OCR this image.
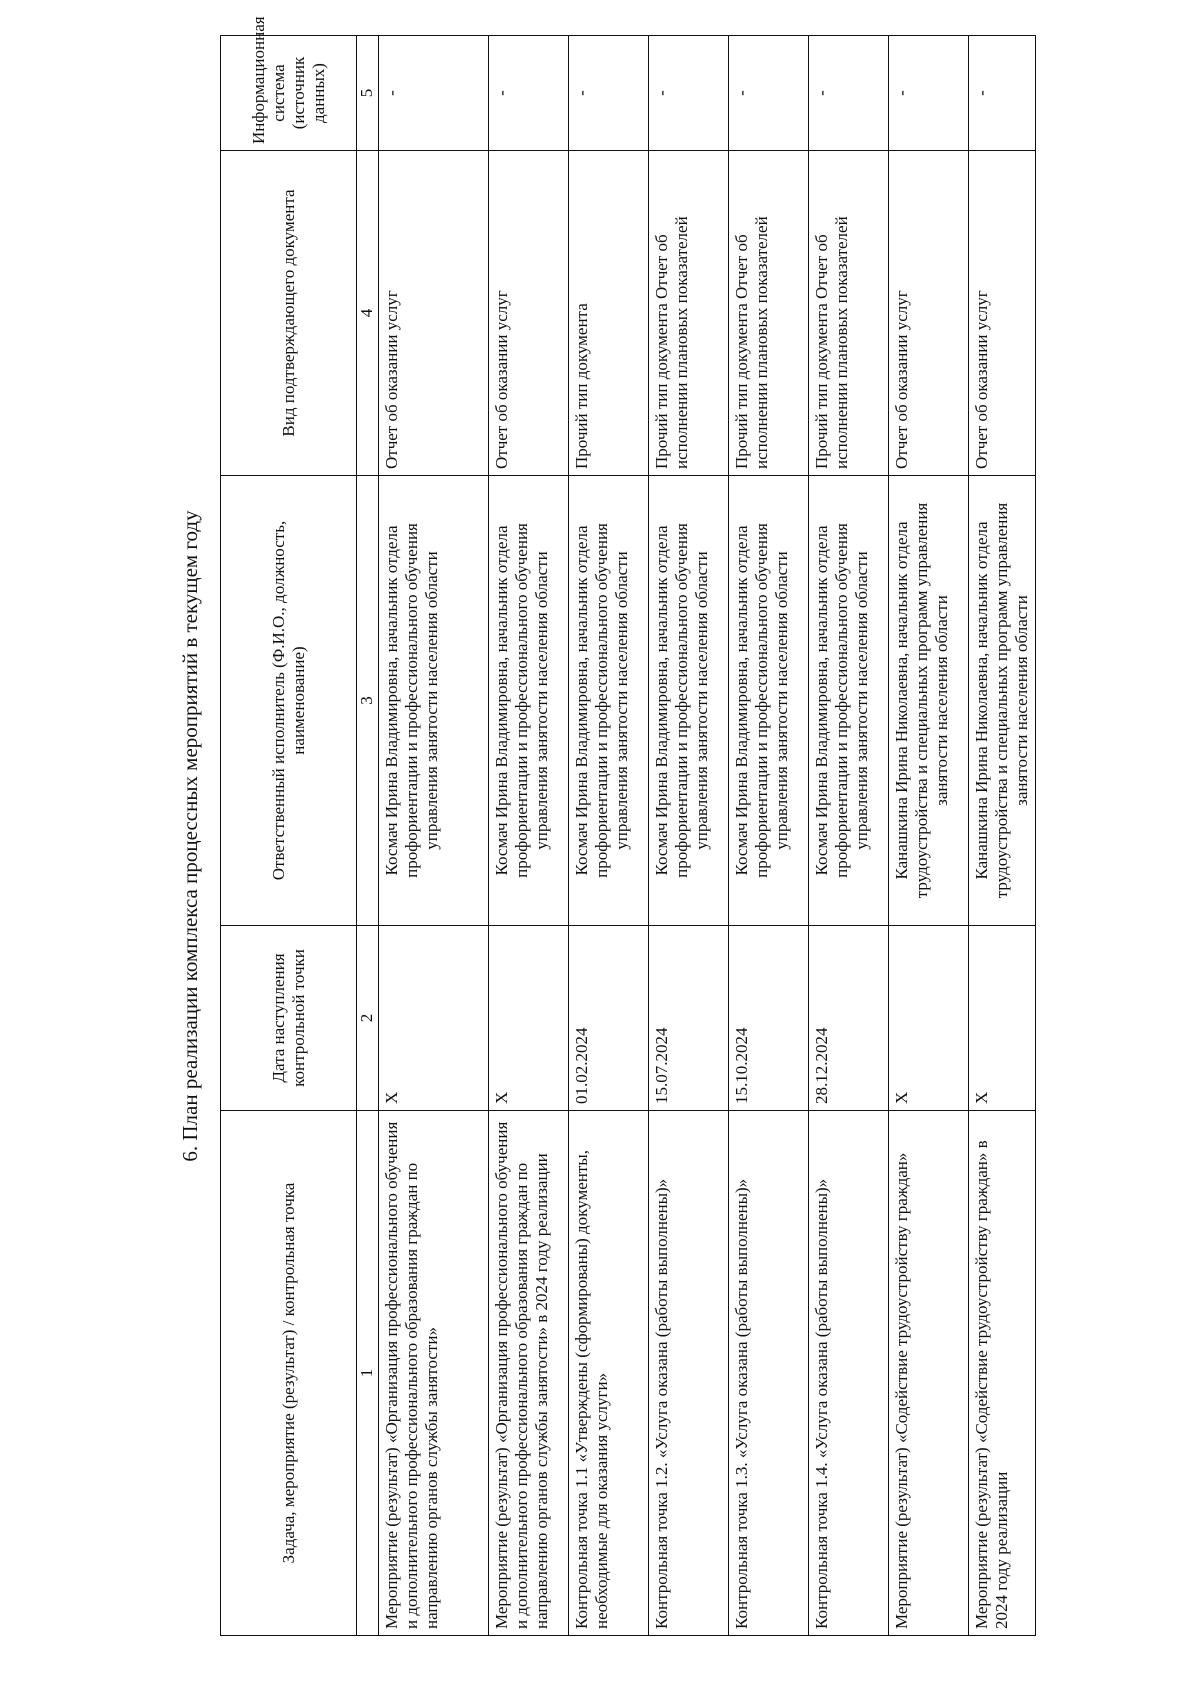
6. План реализации комплекса процессных мероприятий в текущем году
Задача, мероприятие (результат) / контрольная точка	Дата наступления контрольной точки	Ответственный исполнитель (Ф.И.О., должность, наименование)	Вид подтверждающего документа	Информационная система (источник данных)
1	2	3	4	5
Мероприятие (результат) «Организация профессионального обучения и дополнительного профессионального образования граждан по направлению органов службы занятости»	Х	Космач Ирина Владимировна, начальник отдела профориентации и профессионального обучения управления занятости населения области	Отчет об оказании услуг	-
Мероприятие (результат) «Организация профессионального обучения и дополнительного профессионального образования граждан по направлению органов службы занятости» в 2024 году реализации	Х	Космач Ирина Владимировна, начальник отдела профориентации и профессионального обучения управления занятости населения области	Отчет об оказании услуг	-
Контрольная точка 1.1 «Утверждены (сформированы) документы, необходимые для оказания услуги»	01.02.2024	Космач Ирина Владимировна, начальник отдела профориентации и профессионального обучения управления занятости населения области	Прочий тип документа	-
Контрольная точка 1.2. «Услуга оказана (работы выполнены)»	15.07.2024	Космач Ирина Владимировна, начальник отдела профориентации и профессионального обучения управления занятости населения области	Прочий тип документа Отчет об исполнении плановых показателей	-
Контрольная точка 1.3. «Услуга оказана (работы выполнены)»	15.10.2024	Космач Ирина Владимировна, начальник отдела профориентации и профессионального обучения управления занятости населения области	Прочий тип документа Отчет об исполнении плановых показателей	-
Контрольная точка 1.4. «Услуга оказана (работы выполнены)»	28.12.2024	Космач Ирина Владимировна, начальник отдела профориентации и профессионального обучения управления занятости населения области	Прочий тип документа Отчет об исполнении плановых показателей	-
Мероприятие (результат) «Содействие трудоустройству граждан»	Х	Канашкина Ирина Николаевна, начальник отдела трудоустройства и специальных программ управления занятости населения области	Отчет об оказании услуг	-
Мероприятие (результат) «Содействие трудоустройству граждан» в 2024 году реализации	Х	Канашкина Ирина Николаевна, начальник отдела трудоустройства и специальных программ управления занятости населения области	Отчет об оказании услуг	-
